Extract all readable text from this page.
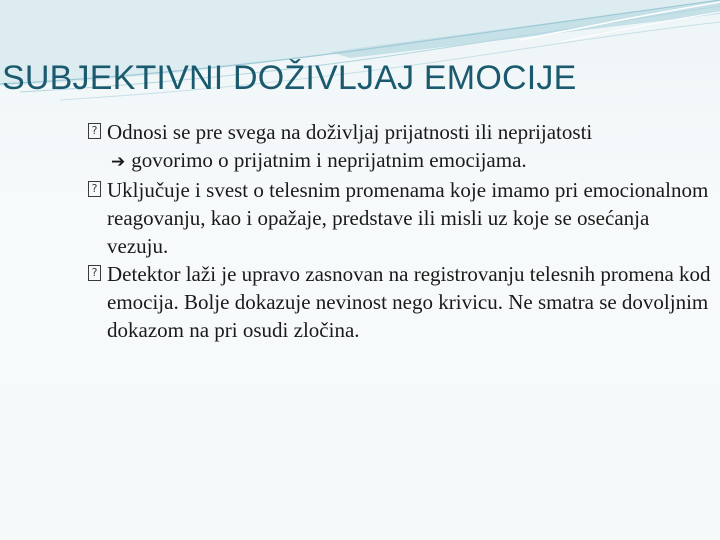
SUBJEKTIVNI DOŽIVLJAJ EMOCIJE
? Odnosi se pre svega na doživljaj prijatnosti ili neprijatosti
➔ govorimo o prijatnim i neprijatnim emocijama.
? Uključuje i svest o telesnim promenama koje imamo pri emocionalnom reagovanju, kao i opažaje, predstave ili misli uz koje se osećanja vezuju.
? Detektor laži je upravo zasnovan na registrovanju telesnih promena kod emocija. Bolje dokazuje nevinost nego krivicu. Ne smatra se dovoljnim dokazom na pri osudi zločina.
